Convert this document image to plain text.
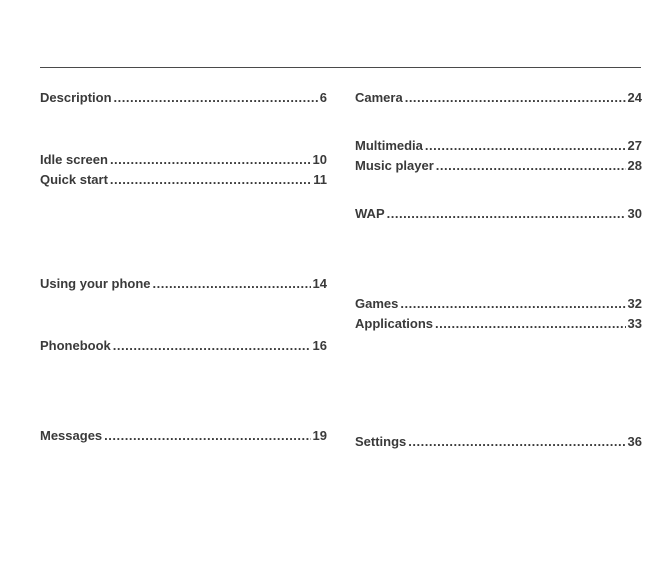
Description .....	6
Idle screen .....	10
Quick start .....	11
Using your phone .....	14
Phonebook .....	16
Messages .....	19
Camera .....	24
Multimedia .....	27
Music player .....	28
WAP .....	30
Games .....	32
Applications .....	33
Settings .....	36
